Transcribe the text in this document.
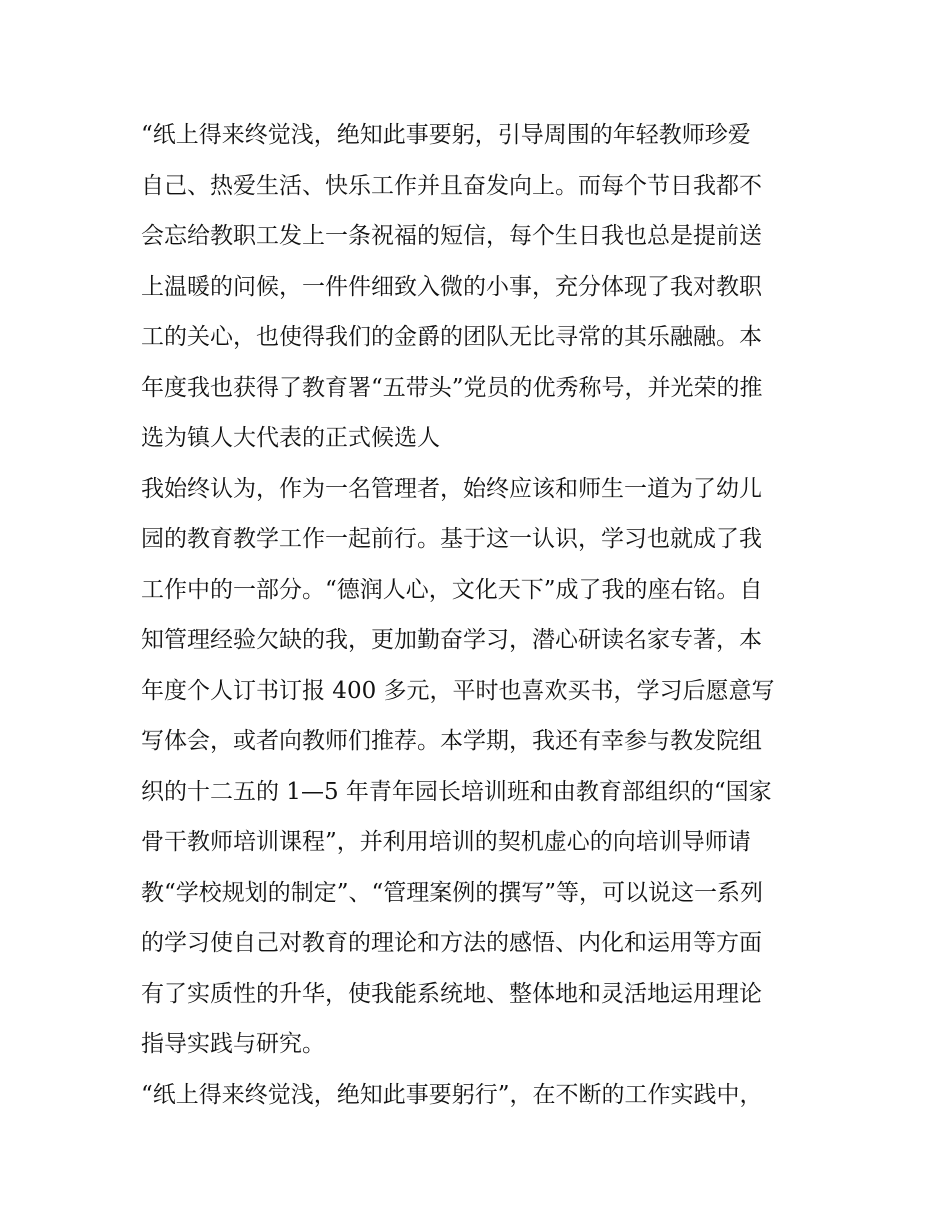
“纸上得来终觉浅，绝知此事要躬，引导周围的年轻教师珍爱
自己、热爱生活、快乐工作并且奋发向上。而每个节日我都不
会忘给教职工发上一条祝福的短信，每个生日我也总是提前送
上温暖的问候，一件件细致入微的小事，充分体现了我对教职
工的关心，也使得我们的金爵的团队无比寻常的其乐融融。本
年度我也获得了教育署“五带头”党员的优秀称号，并光荣的推
选为镇人大代表的正式候选人
我始终认为，作为一名管理者，始终应该和师生一道为了幼儿
园的教育教学工作一起前行。基于这一认识，学习也就成了我
工作中的一部分。“德润人心，文化天下”成了我的座右铭。自
知管理经验欠缺的我，更加勤奋学习，潜心研读名家专著，本
年度个人订书订报 400 多元，平时也喜欢买书，学习后愿意写
写体会，或者向教师们推荐。本学期，我还有幸参与教发院组
织的十二五的 1—5 年青年园长培训班和由教育部组织的“国家
骨干教师培训课程”，并利用培训的契机虚心的向培训导师请
教“学校规划的制定”、“管理案例的撰写”等，可以说这一系列
的学习使自己对教育的理论和方法的感悟、内化和运用等方面
有了实质性的升华，使我能系统地、整体地和灵活地运用理论
指导实践与研究。
“纸上得来终觉浅，绝知此事要躬行”，在不断的工作实践中，
